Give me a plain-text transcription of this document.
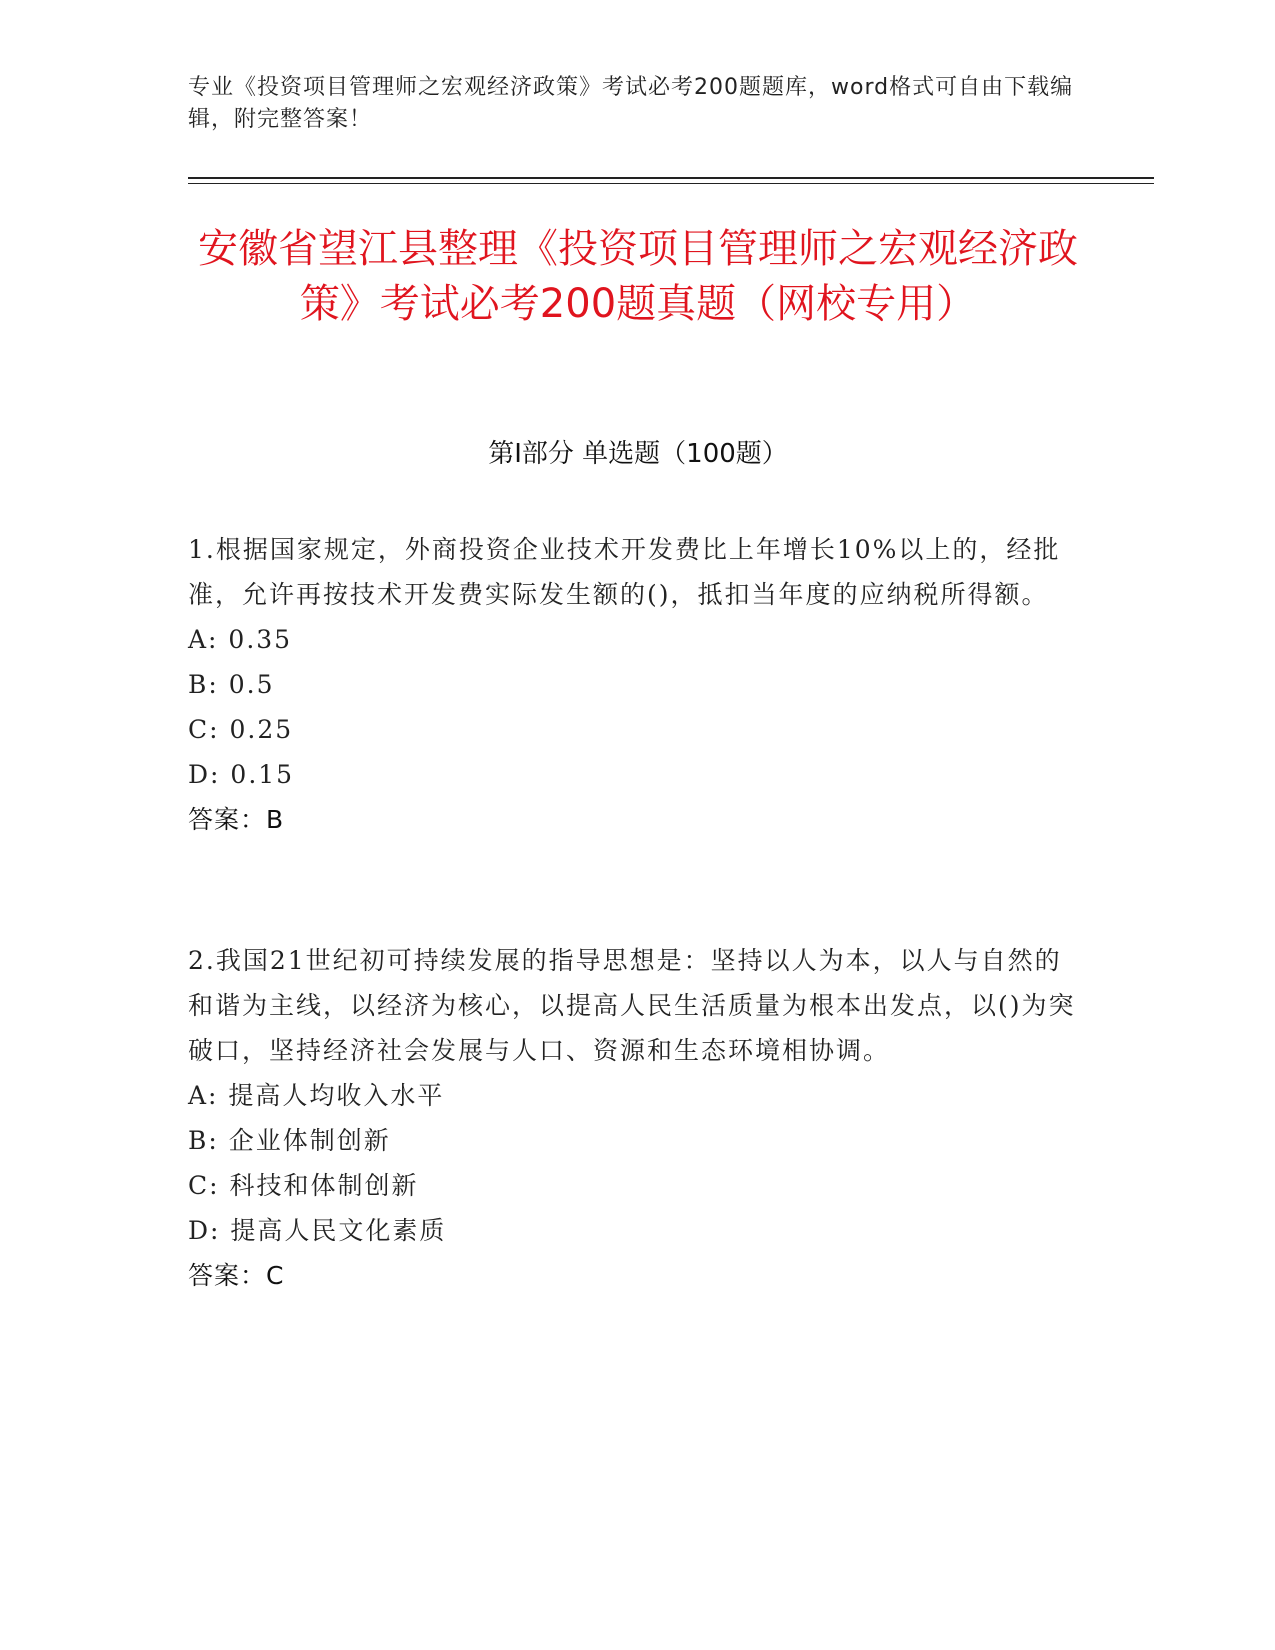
专业《投资项目管理师之宏观经济政策》考试必考200题题库，word格式可自由下载编辑，附完整答案！
安徽省望江县整理《投资项目管理师之宏观经济政策》考试必考200题真题（网校专用）
第Ⅰ部分 单选题（100题）

1.根据国家规定，外商投资企业技术开发费比上年增长10%以上的，经批准，允许再按技术开发费实际发生额的()，抵扣当年度的应纳税所得额。

A: 0.35

B: 0.5

C: 0.25

D: 0.15

答案：B

2.我国21世纪初可持续发展的指导思想是：坚持以人为本，以人与自然的和谐为主线，以经济为核心，以提高人民生活质量为根本出发点，以()为突破口，坚持经济社会发展与人口、资源和生态环境相协调。

A: 提高人均收入水平

B: 企业体制创新

C: 科技和体制创新

D: 提高人民文化素质

答案：C
